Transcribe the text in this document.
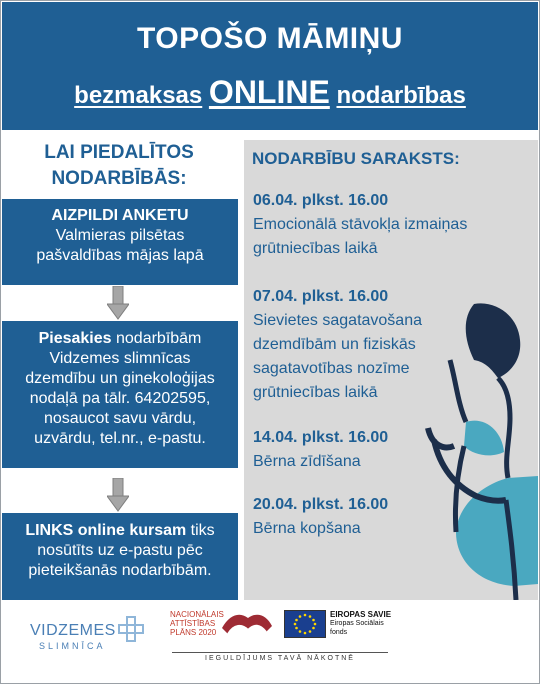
TOPOŠO MĀMIŅU
bezmaksas ONLINE nodarbības
LAI PIEDALĪTOS
NODARBĪBĀS:
AIZPILDI ANKETU
Valmieras pilsētas
pašvaldības mājas lapā
Piesakies nodarbībām
Vidzemes slimnīcas
dzemdību un ginekoloģijas
nodaļā pa tālr. 64202595,
nosaucot savu vārdu,
uzvārdu, tel.nr., e-pastu.
LINKS online kursam tiks
nosūtīts uz e-pastu pēc
pieteikšanās nodarbībām.
NODARBĪBU SARAKSTS:
06.04. plkst. 16.00
Emocionālā stāvokļa izmaiņas
grūtniecības laikā
07.04. plkst. 16.00
Sievietes sagatavošana
dzemdībām un fiziskās
sagatavotības nozīme
grūtniecības laikā
14.04. plkst. 16.00
Bērna zīdīšana
20.04. plkst. 16.00
Bērna kopšana
VIDZEMES
SLIMNĪCA
NACIONĀLAIS
ATTĪSTĪBAS
PLĀNS 2020
EIROPAS SAVIE
Eiropas Sociālais
fonds
IEGULDĪJUMS TAVĀ NĀKOTNĒ
